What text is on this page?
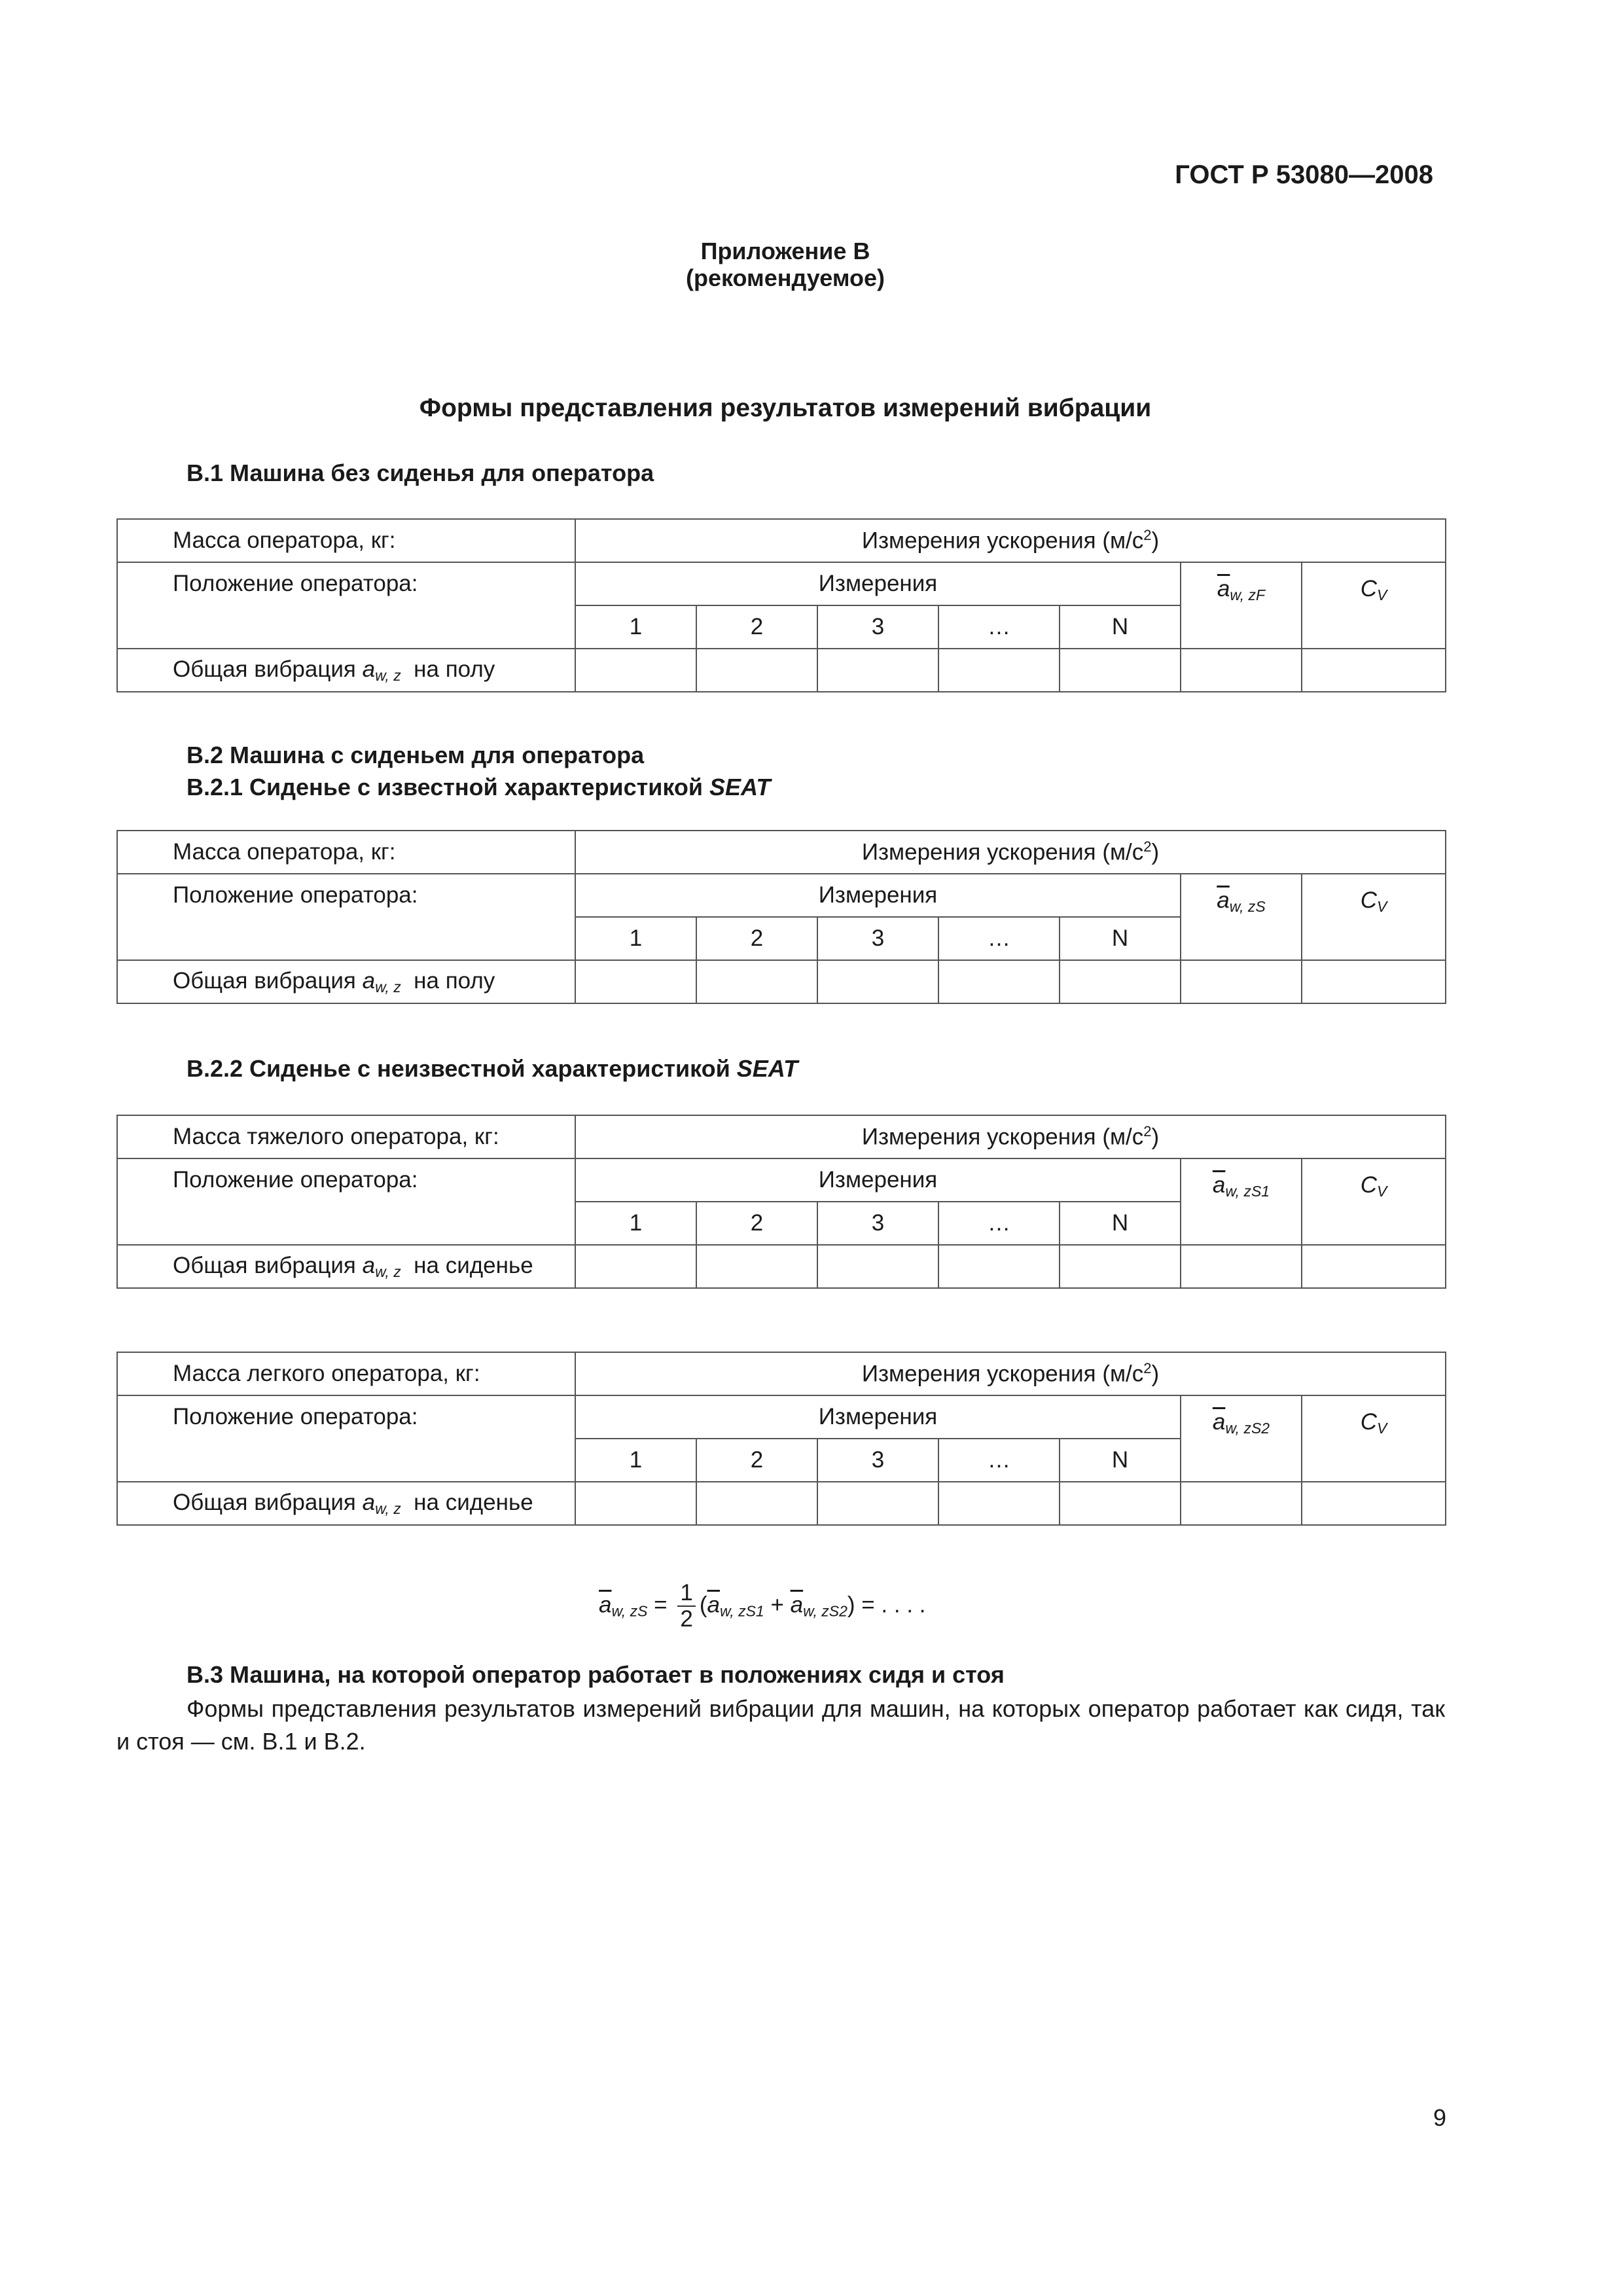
ГОСТ Р 53080—2008
Приложение В
(рекомендуемое)
Формы представления результатов измерений вибрации
В.1 Машина без сиденья для оператора
Масса оператора, кг:	Измерения ускорения $(м/с^2)$						
Положение оператора:	Измерения					$\overline{a}_{w, zF}$	$C_V$
	1	2	3	…	N		
Общая вибрация $a_{w, z}$ на полу							
В.2 Машина с сиденьем для оператора
В.2.1 Сиденье с известной характеристикой SEAT
Масса оператора, кг:	Измерения ускорения $(м/с^2)$						
Положение оператора:	Измерения					$\overline{a}_{w, zS}$	$C_V$
	1	2	3	…	N		
Общая вибрация $a_{w, z}$ на полу							
В.2.2 Сиденье с неизвестной характеристикой SEAT
Масса тяжелого оператора, кг:	Измерения ускорения $(м/с^2)$						
Положение оператора:	Измерения					$\overline{a}_{w, zS1}$	$C_V$
	1	2	3	…	N		
Общая вибрация $a_{w, z}$ на сиденье							
Масса легкого оператора, кг:	Измерения ускорения $(м/с^2)$						
Положение оператора:	Измерения					$\overline{a}_{w, zS2}$	$C_V$
	1	2	3	…	N		
Общая вибрация $a_{w, z}$ на сиденье							
$\overline{a}_{w, zS} = \frac{1}{2} (\overline{a}_{w, zS1} + \overline{a}_{w, zS2})$ = . . . .
В.3 Машина, на которой оператор работает в положениях сидя и стоя
Формы представления результатов измерений вибрации для машин, на которых оператор работает как сидя, так и стоя — см. В.1 и В.2.
9
